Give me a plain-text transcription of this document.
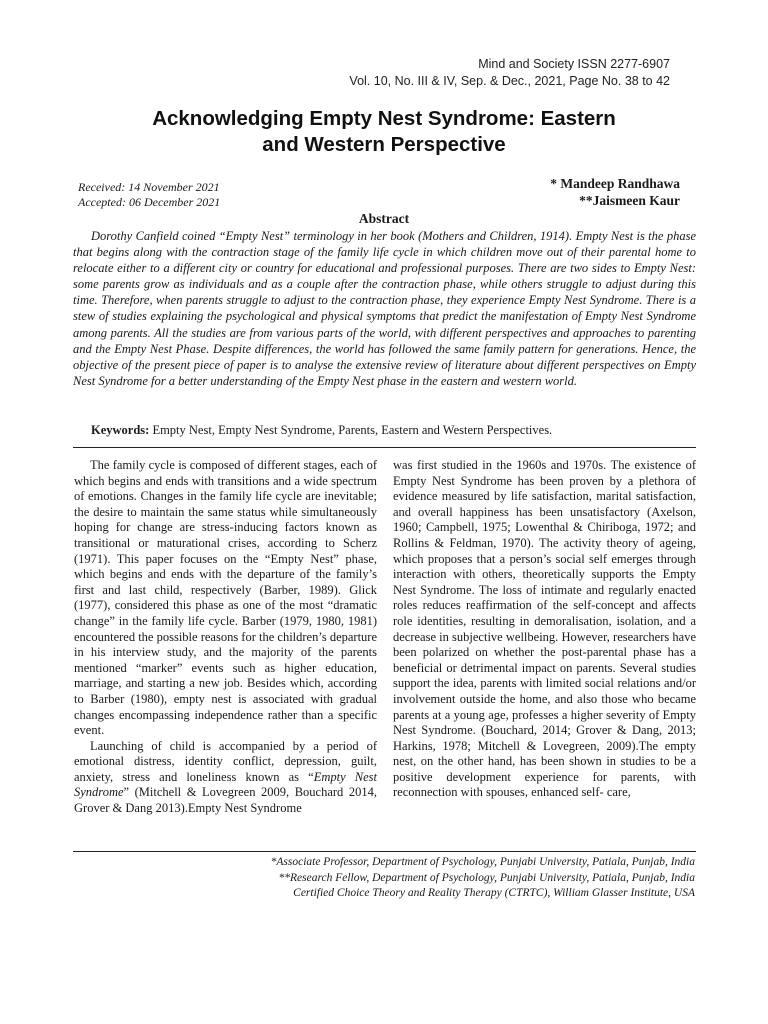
Mind and Society ISSN 2277-6907
Vol. 10, No. III & IV, Sep. & Dec., 2021, Page No. 38 to 42
Acknowledging Empty Nest Syndrome: Eastern
and Western Perspective
Received: 14 November 2021
Accepted: 06 December 2021
* Mandeep Randhawa
**Jaismeen Kaur
Abstract
Dorothy Canfield coined “Empty Nest” terminology in her book (Mothers and Children, 1914). Empty Nest is the phase that begins along with the contraction stage of the family life cycle in which children move out of their parental home to relocate either to a different city or country for educational and professional purposes. There are two sides to Empty Nest: some parents grow as individuals and as a couple after the contraction phase, while others struggle to adjust during this time. Therefore, when parents struggle to adjust to the contraction phase, they experience Empty Nest Syndrome. There is a stew of studies explaining the psychological and physical symptoms that predict the manifestation of Empty Nest Syndrome among parents. All the studies are from various parts of the world, with different perspectives and approaches to parenting and the Empty Nest Phase. Despite differences, the world has followed the same family pattern for generations. Hence, the objective of the present piece of paper is to analyse the extensive review of literature about different perspectives on Empty Nest Syndrome for a better understanding of the Empty Nest phase in the eastern and western world.
Keywords: Empty Nest, Empty Nest Syndrome, Parents, Eastern and Western Perspectives.

The family cycle is composed of different stages, each of which begins and ends with transitions and a wide spectrum of emotions. Changes in the family life cycle are inevitable; the desire to maintain the same status while simultaneously hoping for change are stress-inducing factors known as transitional or maturational crises, according to Scherz (1971). This paper focuses on the “Empty Nest” phase, which begins and ends with the departure of the family’s first and last child, respectively (Barber, 1989). Glick (1977), considered this phase as one of the most “dramatic change” in the family life cycle. Barber (1979, 1980, 1981) encountered the possible reasons for the children’s departure in his interview study, and the majority of the parents mentioned “marker” events such as higher education, marriage, and starting a new job. Besides which, according to Barber (1980), empty nest is associated with gradual changes encompassing independence rather than a specific event.

Launching of child is accompanied by a period of emotional distress, identity conflict, depression, guilt, anxiety, stress and loneliness known as “Empty Nest Syndrome” (Mitchell & Lovegreen 2009, Bouchard 2014, Grover & Dang 2013).Empty Nest Syndrome

was first studied in the 1960s and 1970s. The existence of Empty Nest Syndrome has been proven by a plethora of evidence measured by life satisfaction, marital satisfaction, and overall happiness has been unsatisfactory (Axelson, 1960; Campbell, 1975; Lowenthal & Chiriboga, 1972; and Rollins & Feldman, 1970). The activity theory of ageing, which proposes that a person’s social self emerges through interaction with others, theoretically supports the Empty Nest Syndrome. The loss of intimate and regularly enacted roles reduces reaffirmation of the self-concept and affects role identities, resulting in demoralisation, isolation, and a decrease in subjective wellbeing. However, researchers have been polarized on whether the post-parental phase has a beneficial or detrimental impact on parents. Several studies support the idea, parents with limited social relations and/or involvement outside the home, and also those who became parents at a young age, professes a higher severity of Empty Nest Syndrome. (Bouchard, 2014; Grover & Dang, 2013; Harkins, 1978; Mitchell & Lovegreen, 2009).The empty nest, on the other hand, has been shown in studies to be a positive development experience for parents, with reconnection with spouses, enhanced self- care,

*Associate Professor, Department of Psychology, Punjabi University, Patiala, Punjab, India
**Research Fellow, Department of Psychology, Punjabi University, Patiala, Punjab, India
Certified Choice Theory and Reality Therapy (CTRTC), William Glasser Institute, USA
